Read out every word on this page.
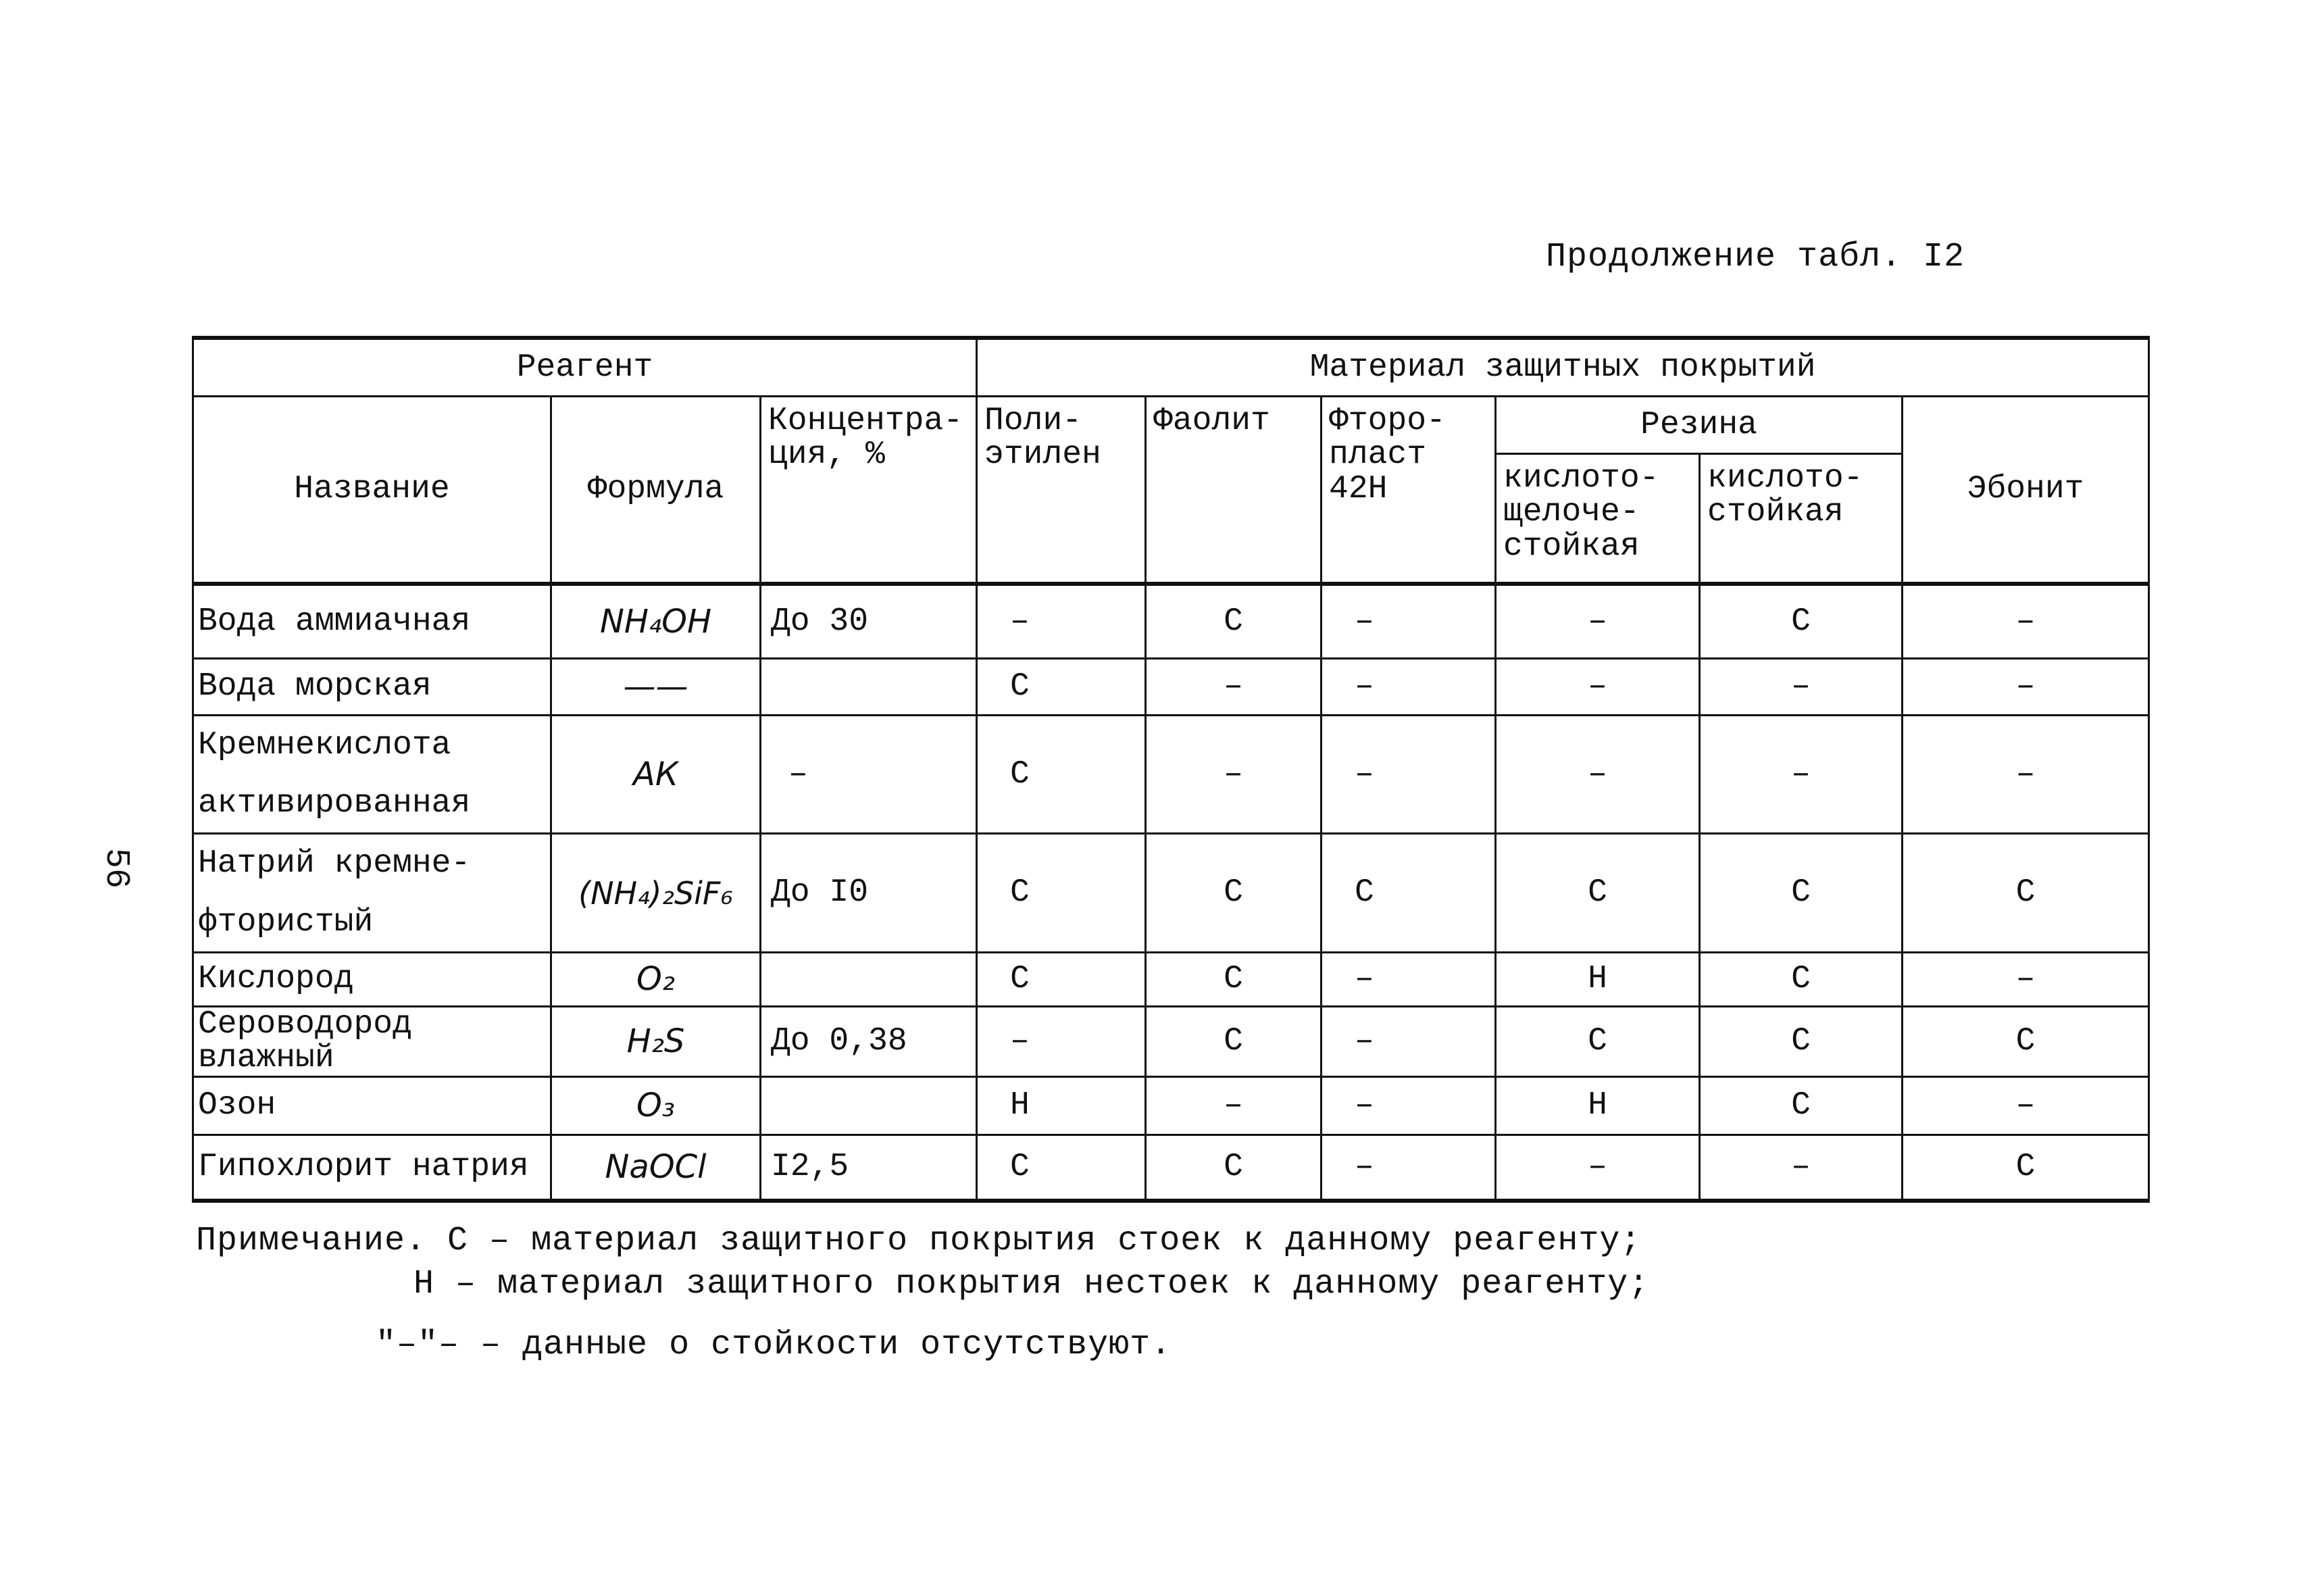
Продолжение табл. I2
56
Реагент			Материал защитных покрытий					
Название	Формула	Концентра-ция, %	Поли-этилен	Фаолит	Фторо-пласт 42Н	Резина		Эбонит
						кислото-щелоче-стойкая	кислото-стойкая	
Вода аммиачная	NH₄OH	До 30	–	С	–	–	С	–
Вода морская	——		С	–	–	–	–	–
Кремнекислота активированная	АК	–	С	–	–	–	–	–
Натрий кремне-фтористый	(NH₄)₂SiF₆	До I0	С	С	С	С	С	С
Кислород	O₂		С	С	–	Н	С	–
Сероводород влажный	H₂S	До 0,38	–	С	–	С	С	С
Озон	O₃		Н	–	–	Н	С	–
Гипохлорит натрия	NaOCl	I2,5	С	С	–	–	–	С
Примечание. С – материал защитного покрытия стоек к данному реагенту;
Н – материал защитного покрытия нестоек к данному реагенту;
"–"– – данные о стойкости отсутствуют.
